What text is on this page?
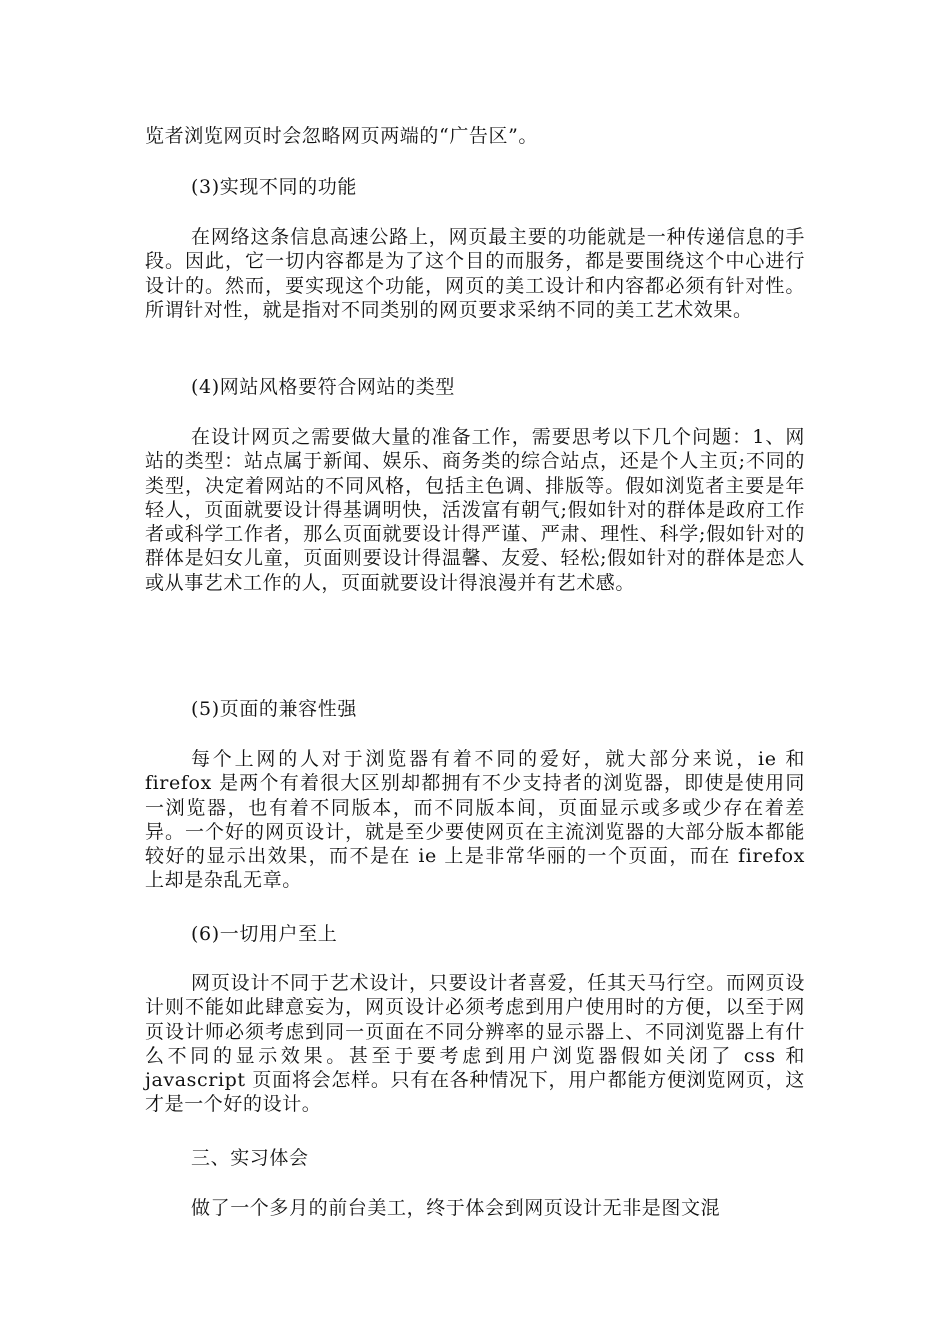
览者浏览网页时会忽略网页两端的“广告区”。

(3)实现不同的功能

在网络这条信息高速公路上，网页最主要的功能就是一种传递信息的手段。因此，它一切内容都是为了这个目的而服务，都是要围绕这个中心进行设计的。然而，要实现这个功能，网页的美工设计和内容都必须有针对性。所谓针对性，就是指对不同类别的网页要求采纳不同的美工艺术效果。

(4)网站风格要符合网站的类型

在设计网页之需要做大量的准备工作，需要思考以下几个问题：1、网站的类型：站点属于新闻、娱乐、商务类的综合站点，还是个人主页;不同的类型，决定着网站的不同风格，包括主色调、排版等。假如浏览者主要是年轻人，页面就要设计得基调明快，活泼富有朝气;假如针对的群体是政府工作者或科学工作者，那么页面就要设计得严谨、严肃、理性、科学;假如针对的群体是妇女儿童，页面则要设计得温馨、友爱、轻松;假如针对的群体是恋人或从事艺术工作的人，页面就要设计得浪漫并有艺术感。

(5)页面的兼容性强

每个上网的人对于浏览器有着不同的爱好，就大部分来说，ie 和 firefox 是两个有着很大区别却都拥有不少支持者的浏览器，即使是使用同一浏览器，也有着不同版本，而不同版本间，页面显示或多或少存在着差异。一个好的网页设计，就是至少要使网页在主流浏览器的大部分版本都能较好的显示出效果，而不是在 ie 上是非常华丽的一个页面，而在 firefox 上却是杂乱无章。

(6)一切用户至上

网页设计不同于艺术设计，只要设计者喜爱，任其天马行空。而网页设计则不能如此肆意妄为，网页设计必须考虑到用户使用时的方便，以至于网页设计师必须考虑到同一页面在不同分辨率的显示器上、不同浏览器上有什么不同的显示效果。甚至于要考虑到用户浏览器假如关闭了 css 和 javascript 页面将会怎样。只有在各种情况下，用户都能方便浏览网页，这才是一个好的设计。

三、实习体会

做了一个多月的前台美工，终于体会到网页设计无非是图文混
